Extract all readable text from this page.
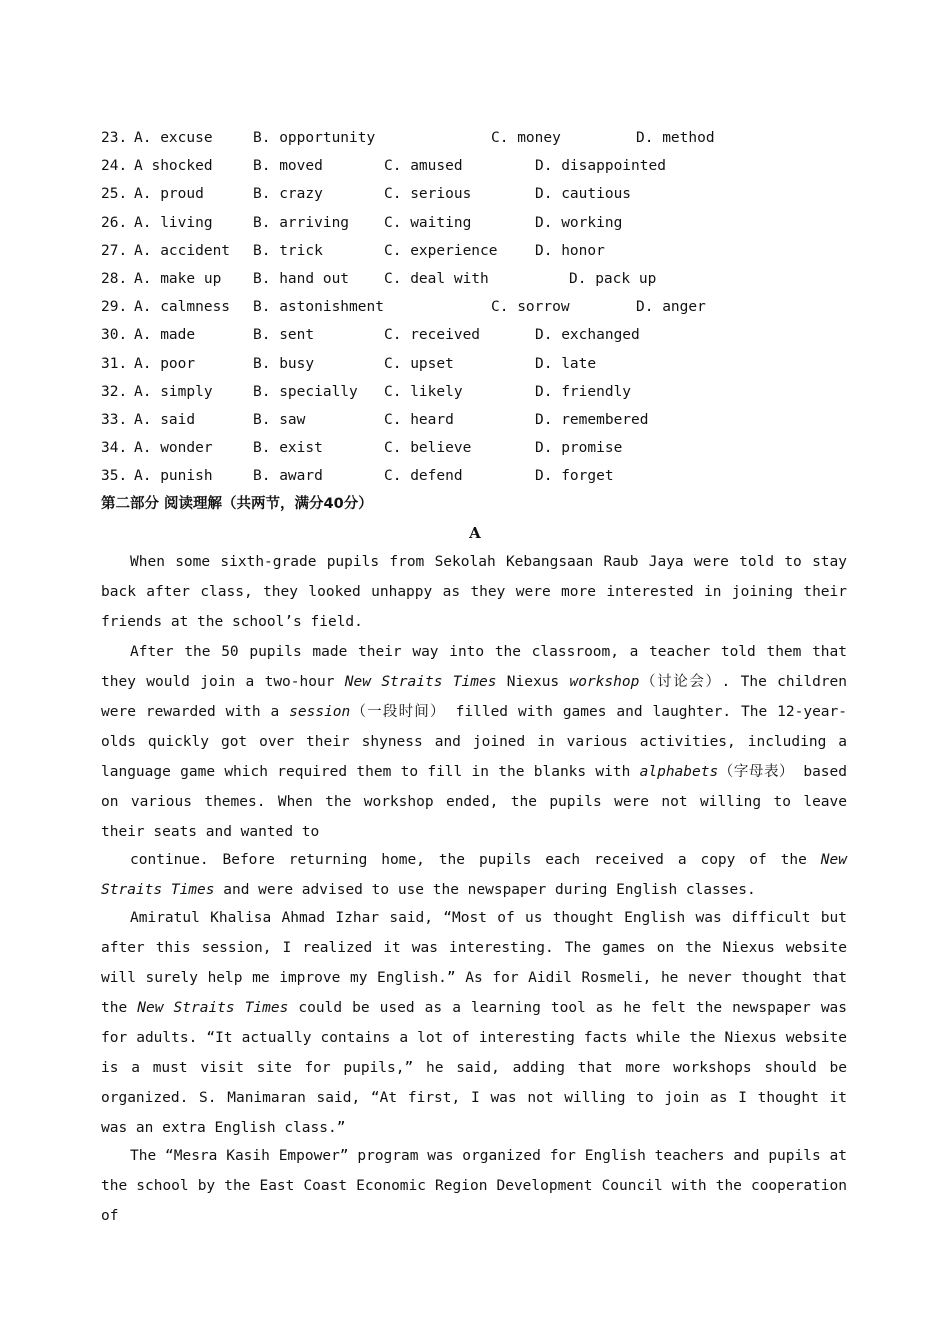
23. A. excuse	B. opportunity	C. money	D. method
24. A shocked	B. moved	C. amused	D. disappointed
25. A. proud	B. crazy	C. serious	D. cautious
26. A. living	B. arriving C. waiting	D. working
27. A. accident B. trick	C. experience	D. honor
28. A. make up B. hand out C. deal with	D. pack up
29. A. calmness B. astonishment	C. sorrow	D. anger
30. A. made	B. sent	C. received	D. exchanged
31. A. poor	B. busy	C. upset	D. late
32. A. simply	B. specially C. likely	D. friendly
33. A. said	B. saw	C. heard	D. remembered
34. A. wonder	B. exist	C. believe	D. promise
35. A. punish	B. award	C. defend	D. forget
第二部分 阅读理解（共两节，满分40分）
A

When some sixth-grade pupils from Sekolah Kebangsaan Raub Jaya were told to stay back after class, they looked unhappy as they were more interested in joining their friends at the school’s field.

After the 50 pupils made their way into the classroom, a teacher told them that they would join a two-hour New Straits Times Niexus workshop（讨论会）. The children were rewarded with a session（一段时间） filled with games and laughter. The 12-year-olds quickly got over their shyness and joined in various activities, including a language game which required them to fill in the blanks with alphabets（字母表） based on various themes. When the workshop ended, the pupils were not willing to leave their seats and wanted to

continue. Before returning home, the pupils each received a copy of the New Straits Times and were advised to use the newspaper during English classes.

Amiratul Khalisa Ahmad Izhar said, “Most of us thought English was difficult but after this session, I realized it was interesting. The games on the Niexus website will surely help me improve my English.” As for Aidil Rosmeli, he never thought that the New Straits Times could be used as a learning tool as he felt the newspaper was for adults. “It actually contains a lot of interesting facts while the Niexus website is a must visit site for pupils,” he said, adding that more workshops should be organized. S. Manimaran said, “At first, I was not willing to join as I thought it was an extra English class.”

The “Mesra Kasih Empower” program was organized for English teachers and pupils at the school by the East Coast Economic Region Development Council with the cooperation of
